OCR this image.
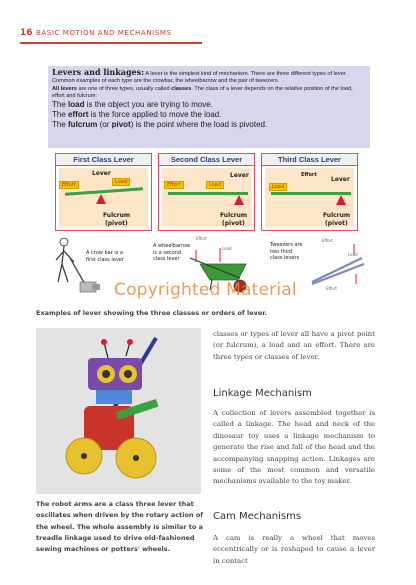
16 BASIC MOTION AND MECHANISMS

Levers and linkages: A lever is the simplest kind of mechanism. There are three different types of lever. Common examples of each type are the crowbar, the wheelbarrow and the pair of tweezers.

All levers are one of three types, usually called classes. The class of a lever depends on the relative position of the load, effort and fulcrum:

The load is the object you are trying to move.

The effort is the force applied to move the load.

The fulcrum (or pivot) is the point where the load is pivoted.

First Class Lever
Lever
Load
Effort
Fulcrum
(pivot)
Second Class Lever
Lever
Effort	Load
Fulcrum
(pivot)
Third Class Lever
Effort
Lever
Load
Fulcrum
(pivot)
A crow bar is a first class lever
A wheelbarrow is a second class lever
Tweezers are two third class levers
Effort
Load
Effort
Load
Effort
Copyrighted Material
Examples of lever showing the three classes or orders of lever.
The robot arms are a class three lever that oscillates when driven by the rotary action of the wheel. The whole assembly is similar to a treadle linkage used to drive old-fashioned sewing machines or potters' wheels.

classes or types of lever all have a pivot point (or fulcrum), a load and an effort. There are three types or classes of lever.

Linkage Mechanism

A collection of levers assembled together is called a linkage. The head and neck of the dinosaur toy uses a linkage mechanism to generate the rise and fall of the head and the accompanying snapping action. Linkages are some of the most common and versatile mechanisms available to the toy maker.

Cam Mechanisms

A cam is really a wheel that moves eccentrically or is reshaped to cause a lever in contact
